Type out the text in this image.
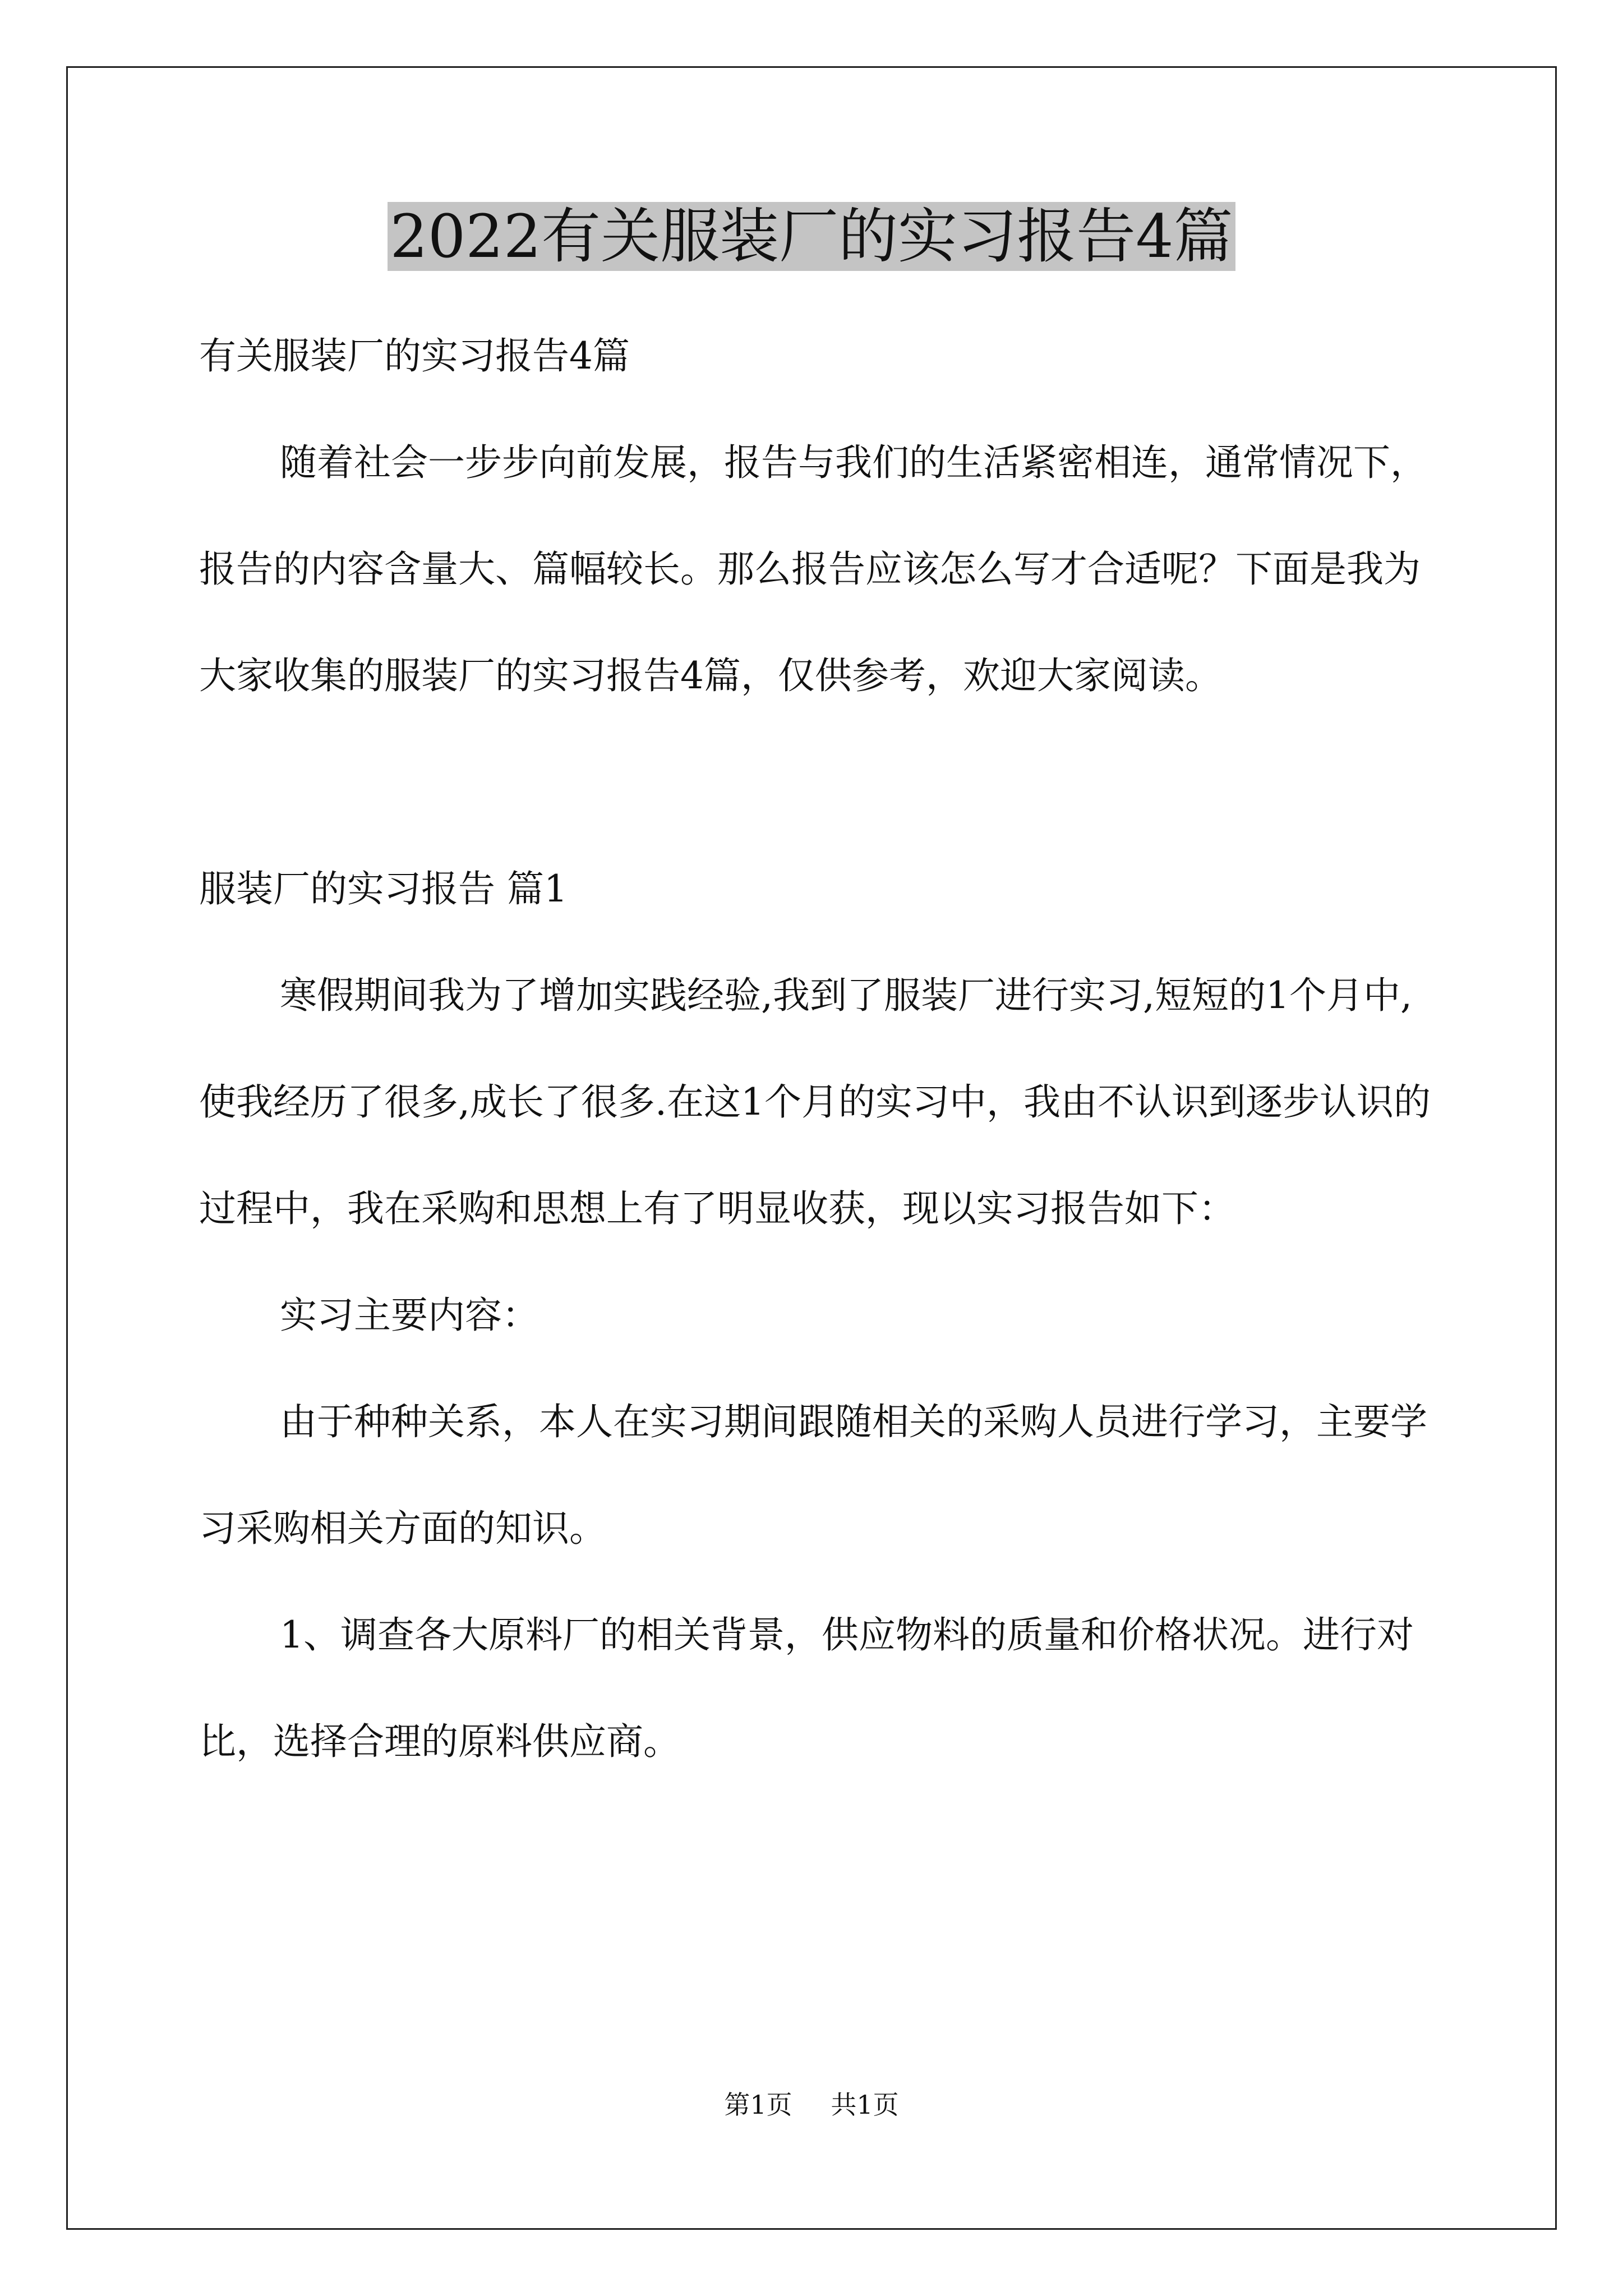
2022有关服装厂的实习报告4篇

有关服装厂的实习报告4篇

随着社会一步步向前发展，报告与我们的生活紧密相连，通常情况下，报告的内容含量大、篇幅较长。那么报告应该怎么写才合适呢？下面是我为大家收集的服装厂的实习报告4篇，仅供参考，欢迎大家阅读。

服装厂的实习报告 篇1

寒假期间我为了增加实践经验,我到了服装厂进行实习,短短的1个月中,使我经历了很多,成长了很多.在这1个月的实习中，我由不认识到逐步认识的过程中，我在采购和思想上有了明显收获，现以实习报告如下：

实习主要内容：

由于种种关系，本人在实习期间跟随相关的采购人员进行学习，主要学习采购相关方面的知识。

1、调查各大原料厂的相关背景，供应物料的质量和价格状况。进行对比，选择合理的原料供应商。

第1页 共1页
